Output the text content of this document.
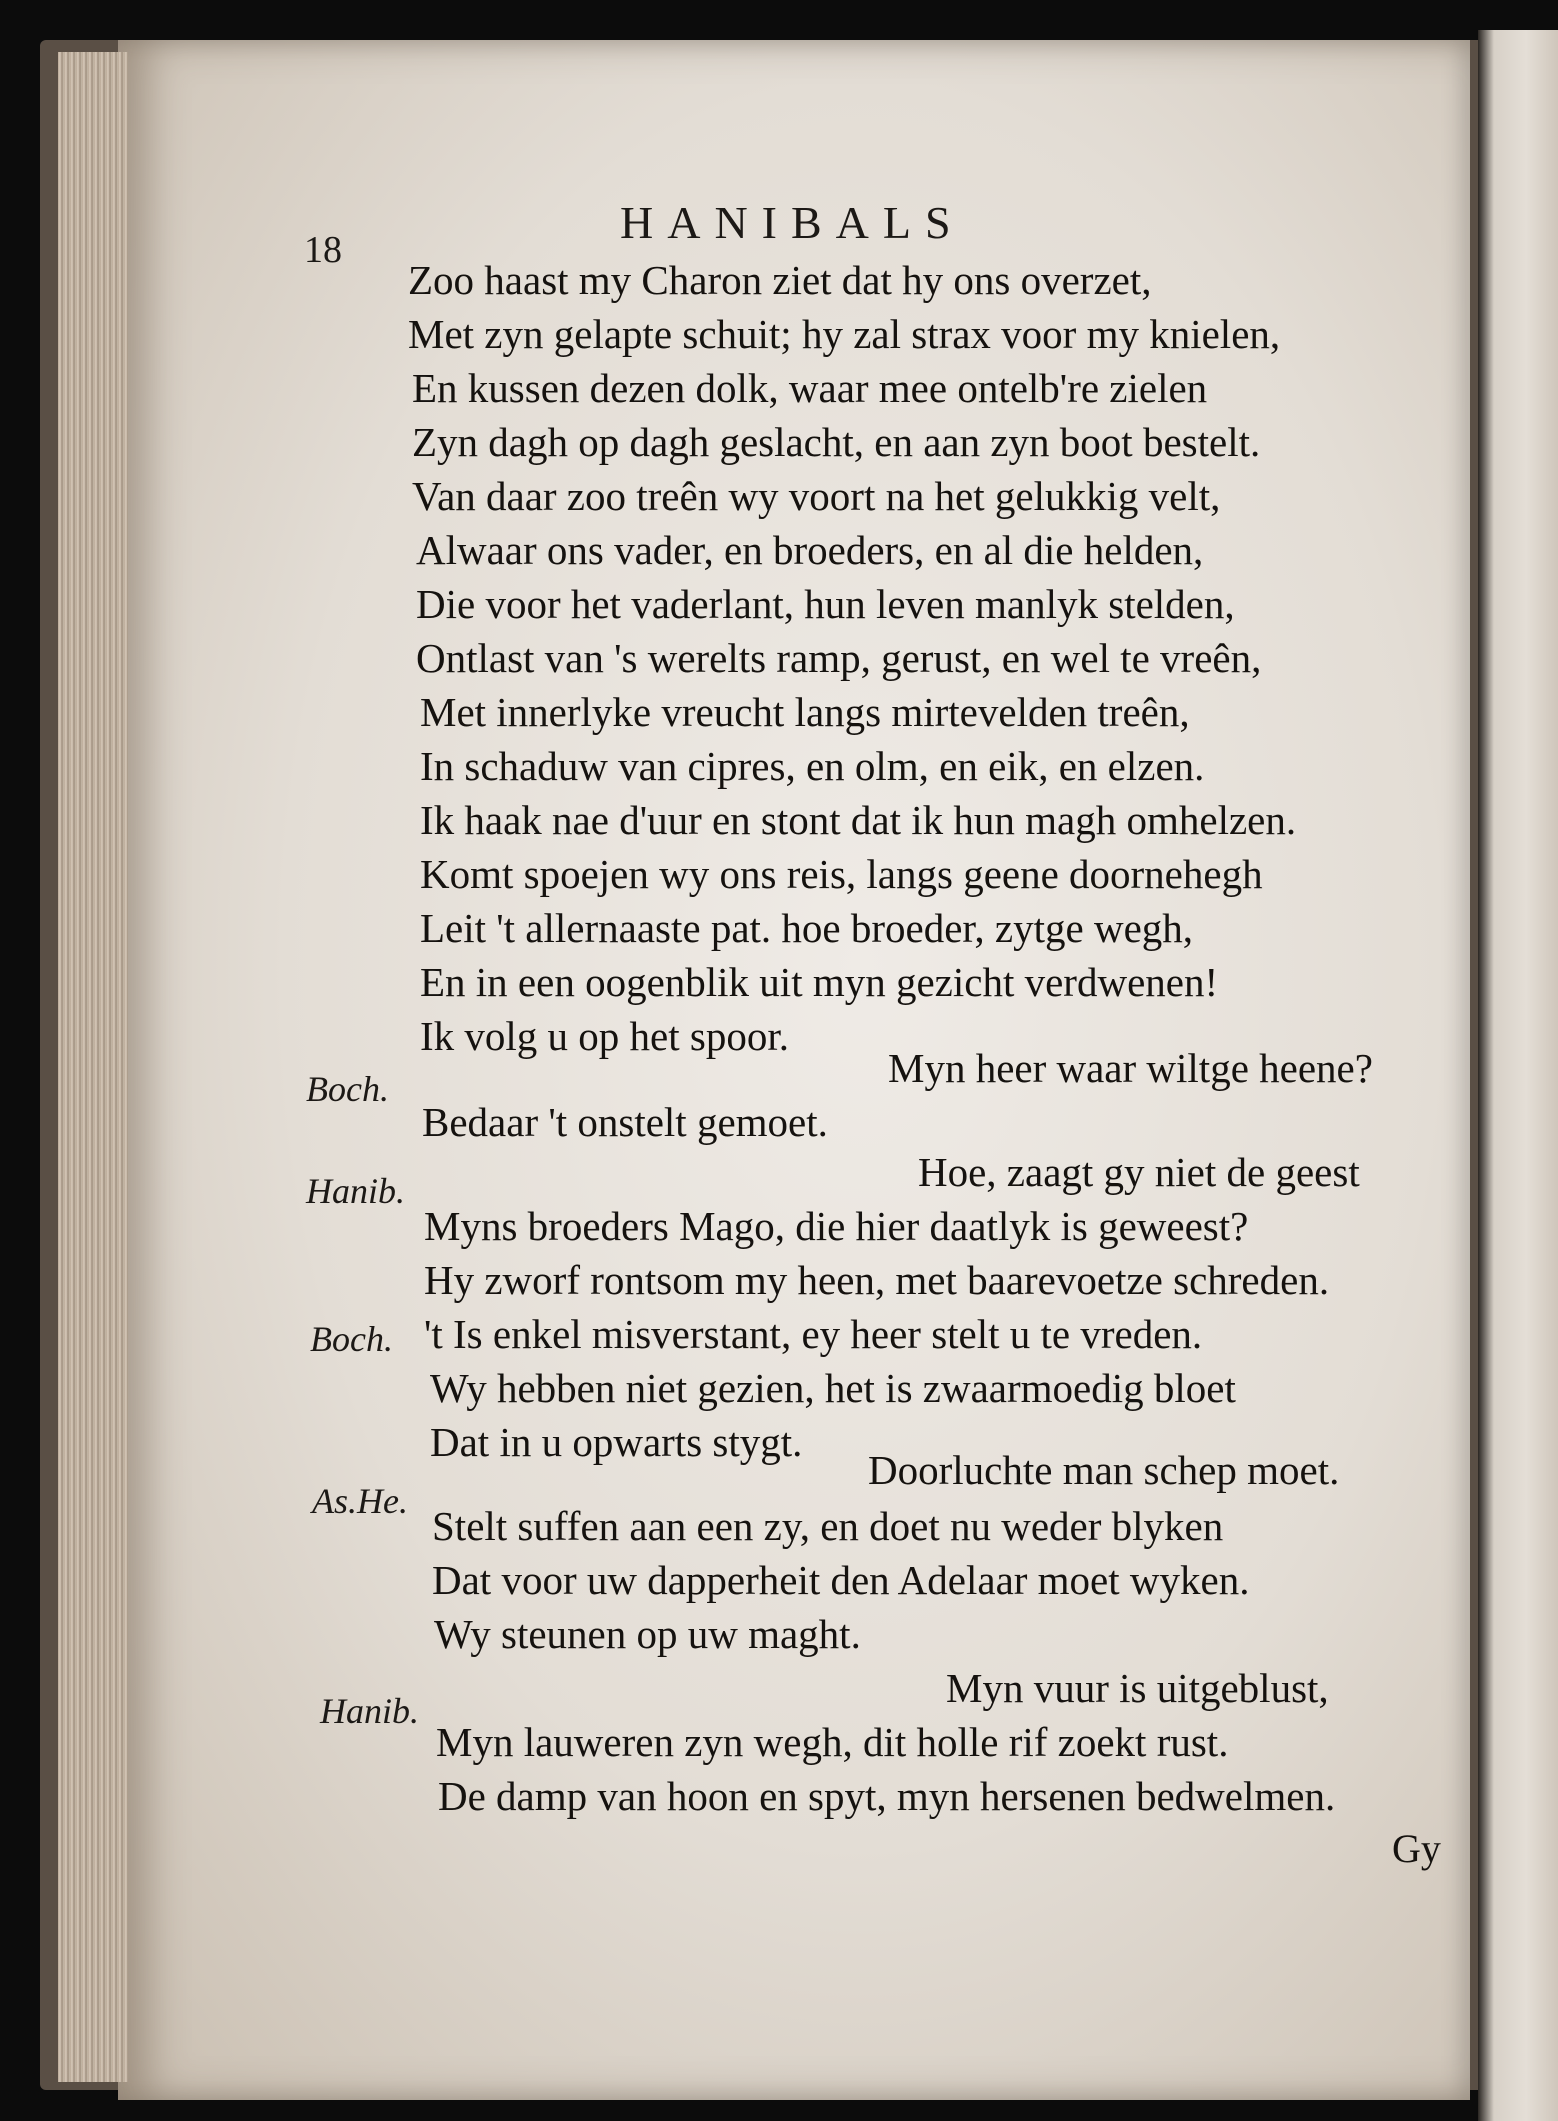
18
HANIBALS
Zoo haast my Charon ziet dat hy ons overzet,
Met zyn gelapte schuit; hy zal strax voor my knielen,
En kussen dezen dolk, waar mee ontelb're zielen
Zyn dagh op dagh geslacht, en aan zyn boot bestelt.
Van daar zoo treên wy voort na het gelukkig velt,
Alwaar ons vader, en broeders, en al die helden,
Die voor het vaderlant, hun leven manlyk stelden,
Ontlast van 's werelts ramp, gerust, en wel te vreên,
Met innerlyke vreucht langs mirtevelden treên,
In schaduw van cipres, en olm, en eik, en elzen.
Ik haak nae d'uur en stont dat ik hun magh omhelzen.
Komt spoejen wy ons reis, langs geene doornehegh
Leit 't allernaaste pat. hoe broeder, zytge wegh,
En in een oogenblik uit myn gezicht verdwenen!
Ik volg u op het spoor.
Boch.	Myn heer waar wiltge heene?
Bedaar 't onstelt gemoet.
Hanib.	Hoe, zaagt gy niet de geest
Myns broeders Mago, die hier daatlyk is geweest?
Hy zworf rontsom my heen, met baarevoetze schreden.
Boch. 't Is enkel misverstant, ey heer stelt u te vreden.
Wy hebben niet gezien, het is zwaarmoedig bloet
Dat in u opwarts stygt.
As.He.
Doorluchte man schep moet.
Stelt suffen aan een zy, en doet nu weder blyken
Dat voor uw dapperheit den Adelaar moet wyken.
Wy steunen op uw maght.
Hanib.	Myn vuur is uitgeblust,
Myn lauweren zyn wegh, dit holle rif zoekt rust.
De damp van hoon en spyt, myn hersenen bedwelmen.
Gy
